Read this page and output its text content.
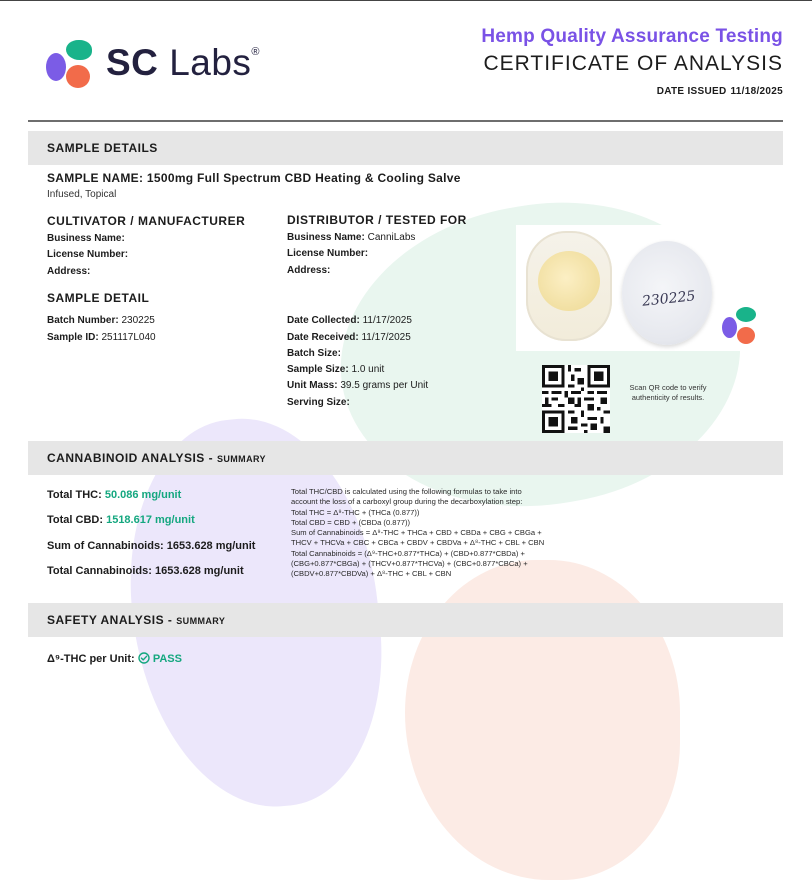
SC Labs®
Hemp Quality Assurance Testing
CERTIFICATE OF ANALYSIS
DATE ISSUED 11/18/2025
SAMPLE DETAILS
SAMPLE NAME: 1500mg Full Spectrum CBD Heating & Cooling Salve
Infused, Topical
CULTIVATOR / MANUFACTURER
Business Name:
License Number:
Address:
DISTRIBUTOR / TESTED FOR
Business Name: CanniLabs
License Number:
Address:
SAMPLE DETAIL
Batch Number: 230225
Sample ID: 251117L040
Date Collected: 11/17/2025
Date Received: 11/17/2025
Batch Size:
Sample Size: 1.0 unit
Unit Mass: 39.5 grams per Unit
Serving Size:
230225
Scan QR code to verify authenticity of results.
CANNABINOID ANALYSIS - SUMMARY
Total THC: 50.086 mg/unit
Total CBD: 1518.617 mg/unit
Sum of Cannabinoids: 1653.628 mg/unit
Total Cannabinoids: 1653.628 mg/unit
Total THC/CBD is calculated using the following formulas to take into
account the loss of a carboxyl group during the decarboxylation step:
Total THC = Δ⁹-THC + (THCa (0.877))
Total CBD = CBD + (CBDa (0.877))
Sum of Cannabinoids = Δ⁹-THC + THCa + CBD + CBDa + CBG + CBGa +
THCV + THCVa + CBC + CBCa + CBDV + CBDVa + Δ⁸-THC + CBL + CBN
Total Cannabinoids = (Δ⁹-THC+0.877*THCa) + (CBD+0.877*CBDa) +
(CBG+0.877*CBGa) + (THCV+0.877*THCVa) + (CBC+0.877*CBCa) +
(CBDV+0.877*CBDVa) + Δ⁸-THC + CBL + CBN
SAFETY ANALYSIS - SUMMARY
Δ⁹-THC per Unit: PASS
